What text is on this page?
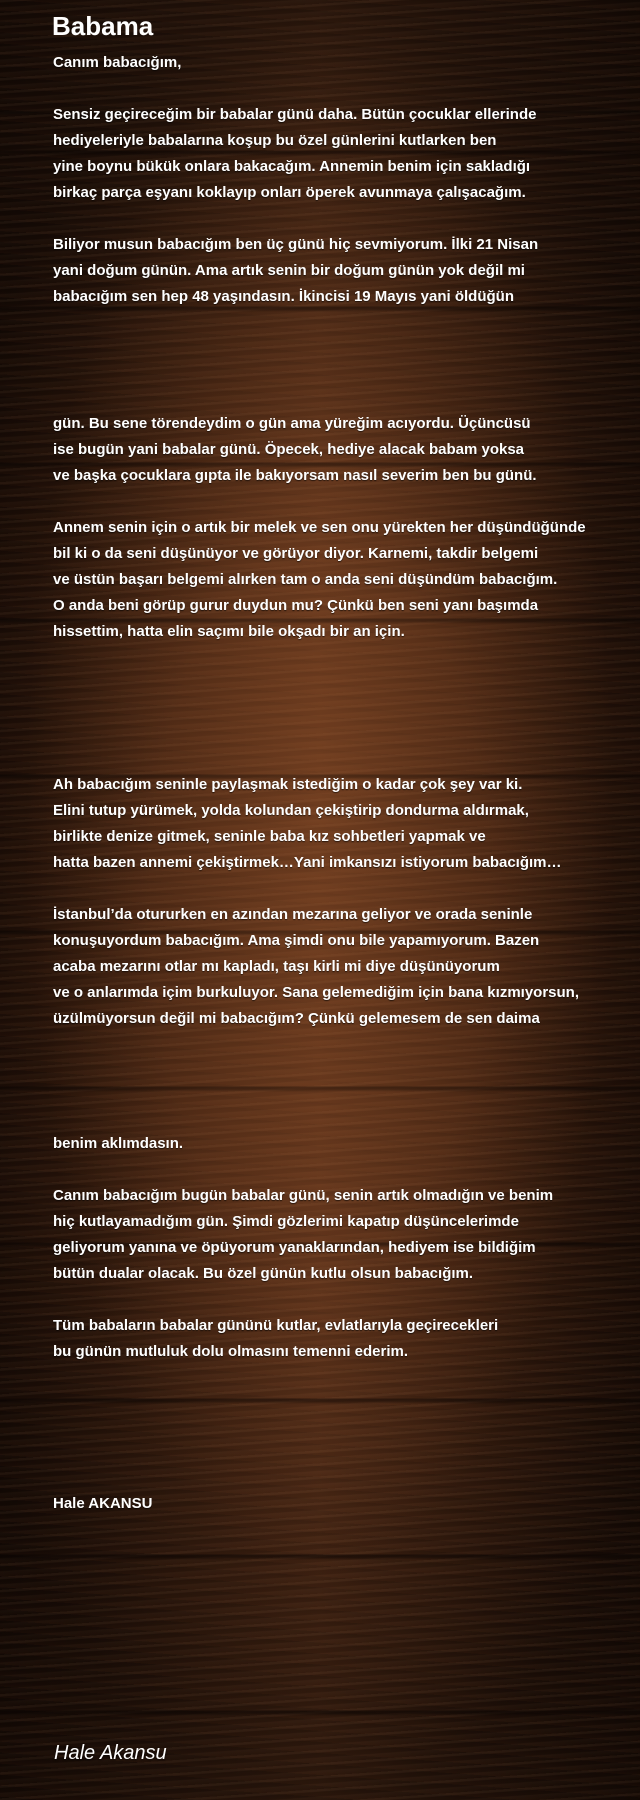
Babama
Canım babacığım,
Sensiz geçireceğim bir babalar günü daha. Bütün çocuklar ellerinde
hediyeleriyle babalarına koşup bu özel günlerini kutlarken ben
yine boynu bükük onlara bakacağım. Annemin benim için sakladığı
birkaç parça eşyanı koklayıp onları öperek avunmaya çalışacağım.
Biliyor musun babacığım ben üç günü hiç sevmiyorum. İlki 21 Nisan
yani doğum günün. Ama artık senin bir doğum günün yok değil mi
babacığım sen hep 48 yaşındasın. İkincisi 19 Mayıs yani öldüğün
gün. Bu sene törendeydim o gün ama yüreğim acıyordu. Üçüncüsü
ise bugün yani babalar günü. Öpecek, hediye alacak babam yoksa
ve başka çocuklara gıpta ile bakıyorsam nasıl severim ben bu günü.
Annem senin için o artık bir melek ve sen onu yürekten her düşündüğünde
bil ki o da seni düşünüyor ve görüyor diyor. Karnemi, takdir belgemi
ve üstün başarı belgemi alırken tam o anda seni düşündüm babacığım.
O anda beni görüp gurur duydun mu? Çünkü ben seni yanı başımda
hissettim, hatta elin saçımı bile okşadı bir an için.
Ah babacığım seninle paylaşmak istediğim o kadar çok şey var ki.
Elini tutup yürümek, yolda kolundan çekiştirip dondurma aldırmak,
birlikte denize gitmek, seninle baba kız sohbetleri yapmak ve
hatta bazen annemi çekiştirmek…Yani imkansızı istiyorum babacığım…
İstanbul’da otururken en azından mezarına geliyor ve orada seninle
konuşuyordum babacığım. Ama şimdi onu bile yapamıyorum. Bazen
acaba mezarını otlar mı kapladı, taşı kirli mi diye düşünüyorum
ve o anlarımda içim burkuluyor. Sana gelemediğim için bana kızmıyorsun,
üzülmüyorsun değil mi babacığım? Çünkü gelemesem de sen daima
benim aklımdasın.
Canım babacığım bugün babalar günü, senin artık olmadığın ve benim
hiç kutlayamadığım gün. Şimdi gözlerimi kapatıp düşüncelerimde
geliyorum yanına ve öpüyorum yanaklarından, hediyem ise bildiğim
bütün dualar olacak. Bu özel günün kutlu olsun babacığım.
Tüm babaların babalar gününü kutlar, evlatlarıyla geçirecekleri
bu günün mutluluk dolu olmasını temenni ederim.
Hale AKANSU
Hale Akansu
